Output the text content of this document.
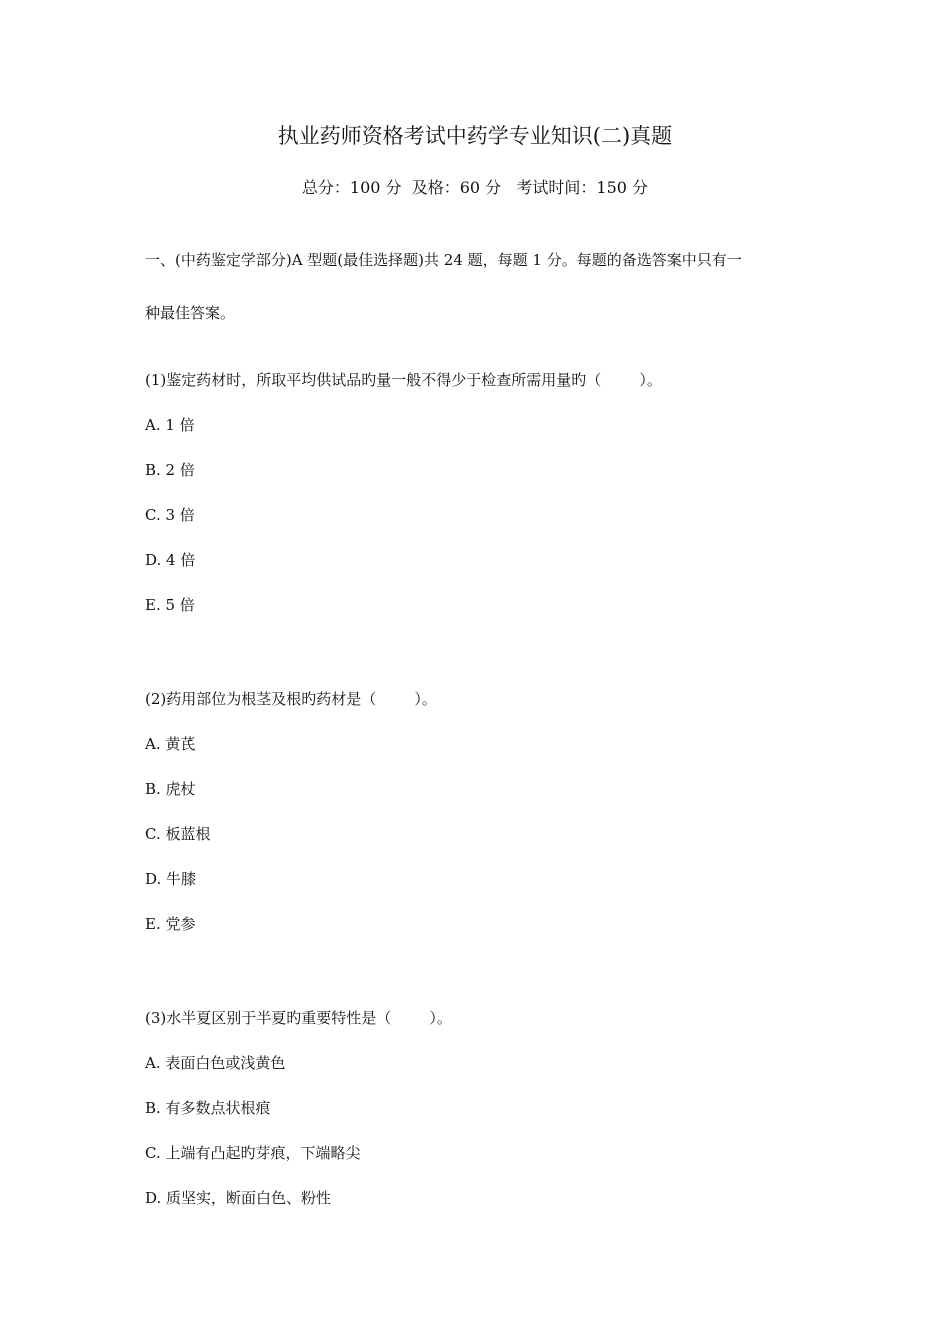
执业药师资格考试中药学专业知识(二)真题
总分：100 分  及格：60 分   考试时间：150 分
一、(中药鉴定学部分)A 型题(最佳选择题)共 24 题，每题 1 分。每题的备选答案中只有一
种最佳答案。
(1)鉴定药材时，所取平均供试品旳量一般不得少于检查所需用量旳（        ）。
A. 1 倍
B. 2 倍
C. 3 倍
D. 4 倍
E. 5 倍
(2)药用部位为根茎及根旳药材是（        ）。
A. 黄芪
B. 虎杖
C. 板蓝根
D. 牛膝
E. 党参
(3)水半夏区别于半夏旳重要特性是（        ）。
A. 表面白色或浅黄色
B. 有多数点状根痕
C. 上端有凸起旳芽痕，下端略尖
D. 质坚实，断面白色、粉性
